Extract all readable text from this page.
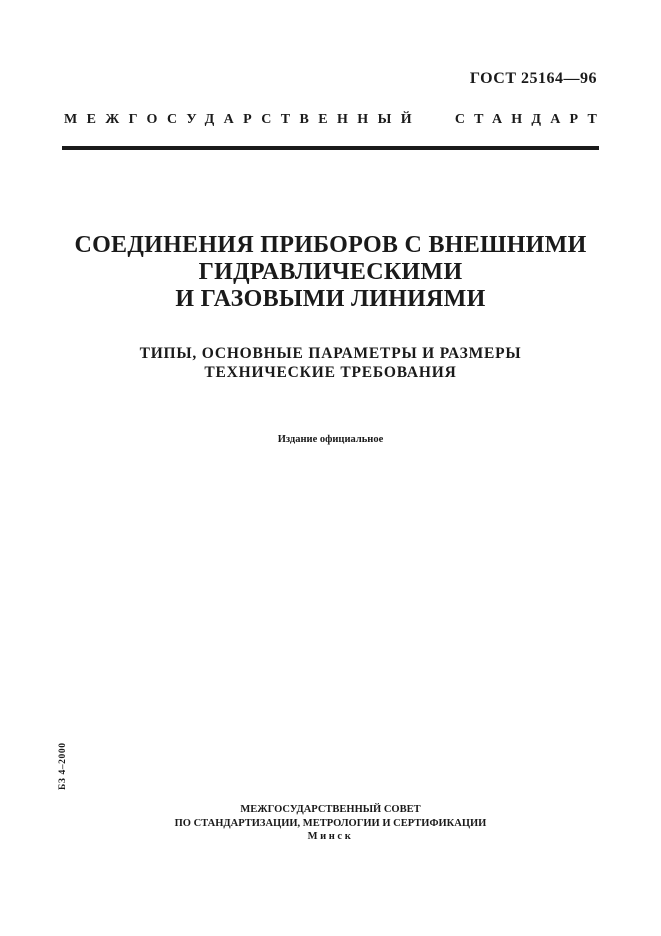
ГОСТ 25164—96
МЕЖГОСУДАРСТВЕННЫЙ СТАНДАРТ
СОЕДИНЕНИЯ ПРИБОРОВ С ВНЕШНИМИ
ГИДРАВЛИЧЕСКИМИ
И ГАЗОВЫМИ ЛИНИЯМИ
ТИПЫ, ОСНОВНЫЕ ПАРАМЕТРЫ И РАЗМЕРЫ
ТЕХНИЧЕСКИЕ ТРЕБОВАНИЯ
Издание официальное
БЗ 4–2000
МЕЖГОСУДАРСТВЕННЫЙ СОВЕТ
ПО СТАНДАРТИЗАЦИИ, МЕТРОЛОГИИ И СЕРТИФИКАЦИИ
Минск
